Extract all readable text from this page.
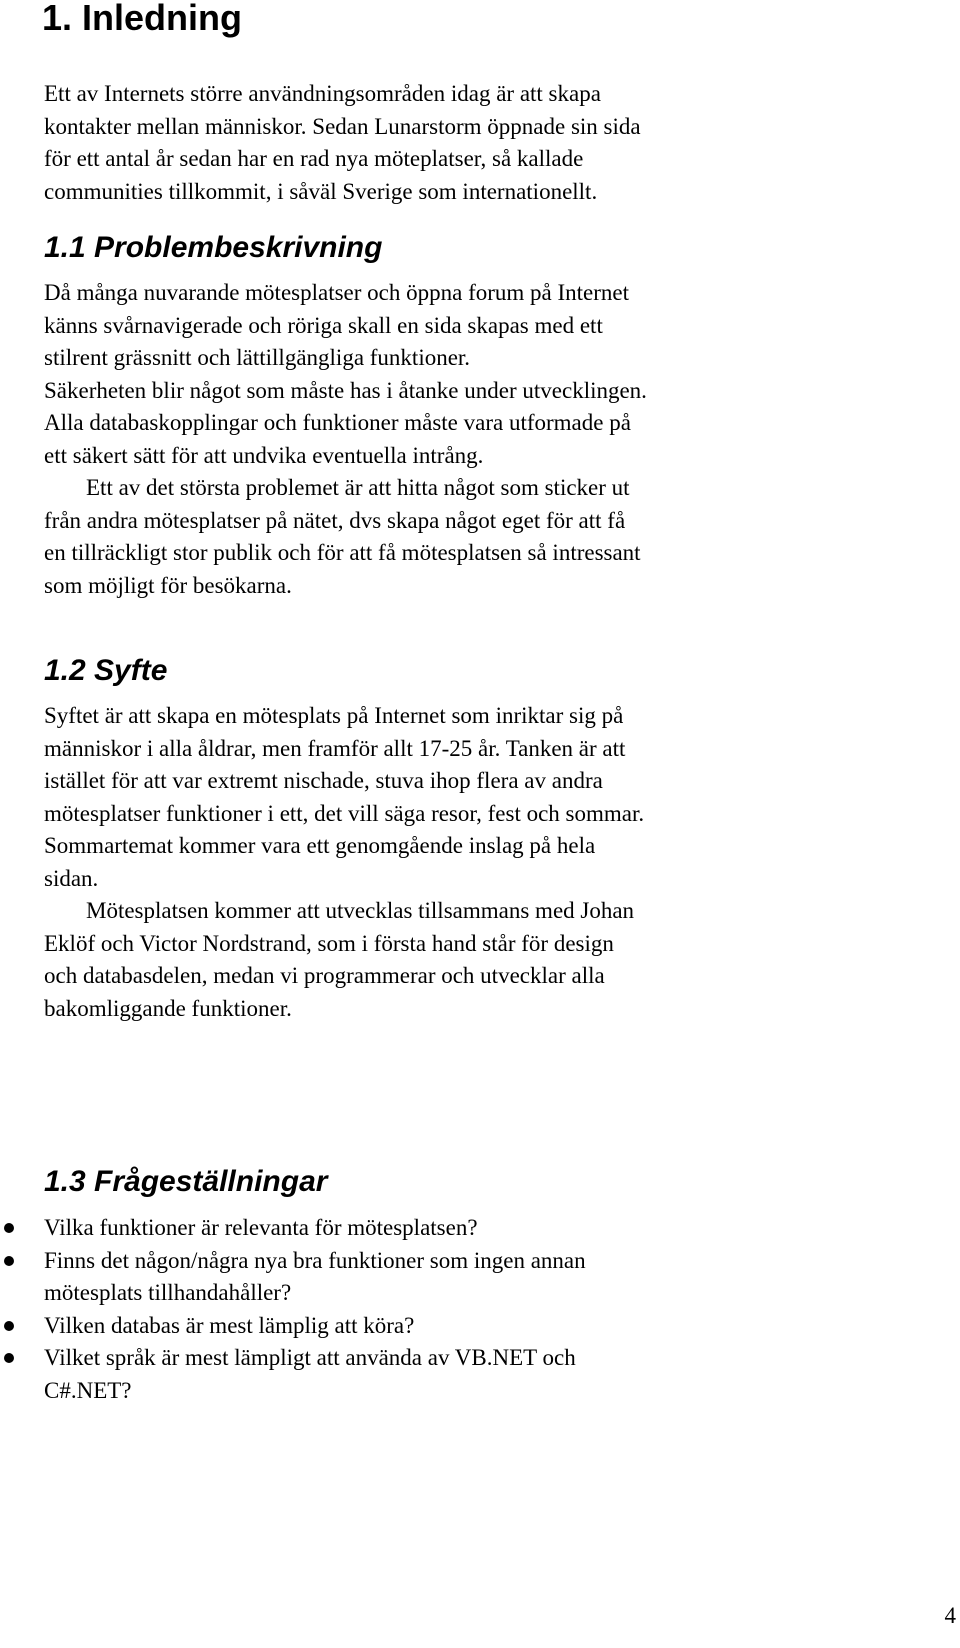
1. Inledning

Ett av Internets större användningsområden idag är att skapa
kontakter mellan människor. Sedan Lunarstorm öppnade sin sida
för ett antal år sedan har en rad nya möteplatser, så kallade
communities tillkommit, i såväl Sverige som internationellt.

1.1 Problembeskrivning

Då många nuvarande mötesplatser och öppna forum på Internet
känns svårnavigerade och röriga skall en sida skapas med ett
stilrent grässnitt och lättillgängliga funktioner.
Säkerheten blir något som måste has i åtanke under utvecklingen.
Alla databaskopplingar och funktioner måste vara utformade på
ett säkert sätt för att undvika eventuella intrång.
Ett av det största problemet är att hitta något som sticker ut
från andra mötesplatser på nätet, dvs skapa något eget för att få
en tillräckligt stor publik och för att få mötesplatsen så intressant
som möjligt för besökarna.

1.2 Syfte

Syftet är att skapa en mötesplats på Internet som inriktar sig på
människor i alla åldrar, men framför allt 17-25 år. Tanken är att
istället för att var extremt nischade, stuva ihop flera av andra
mötesplatser funktioner i ett, det vill säga resor, fest och sommar.
Sommartemat kommer vara ett genomgående inslag på hela
sidan.
Mötesplatsen kommer att utvecklas tillsammans med Johan
Eklöf och Victor Nordstrand, som i första hand står för design
och databasdelen, medan vi programmerar och utvecklar alla
bakomliggande funktioner.

1.3 Frågeställningar
Vilka funktioner är relevanta för mötesplatsen?
Finns det någon/några nya bra funktioner som ingen annan
mötesplats tillhandahåller?
Vilken databas är mest lämplig att köra?
Vilket språk är mest lämpligt att använda av VB.NET och
C#.NET?
4
